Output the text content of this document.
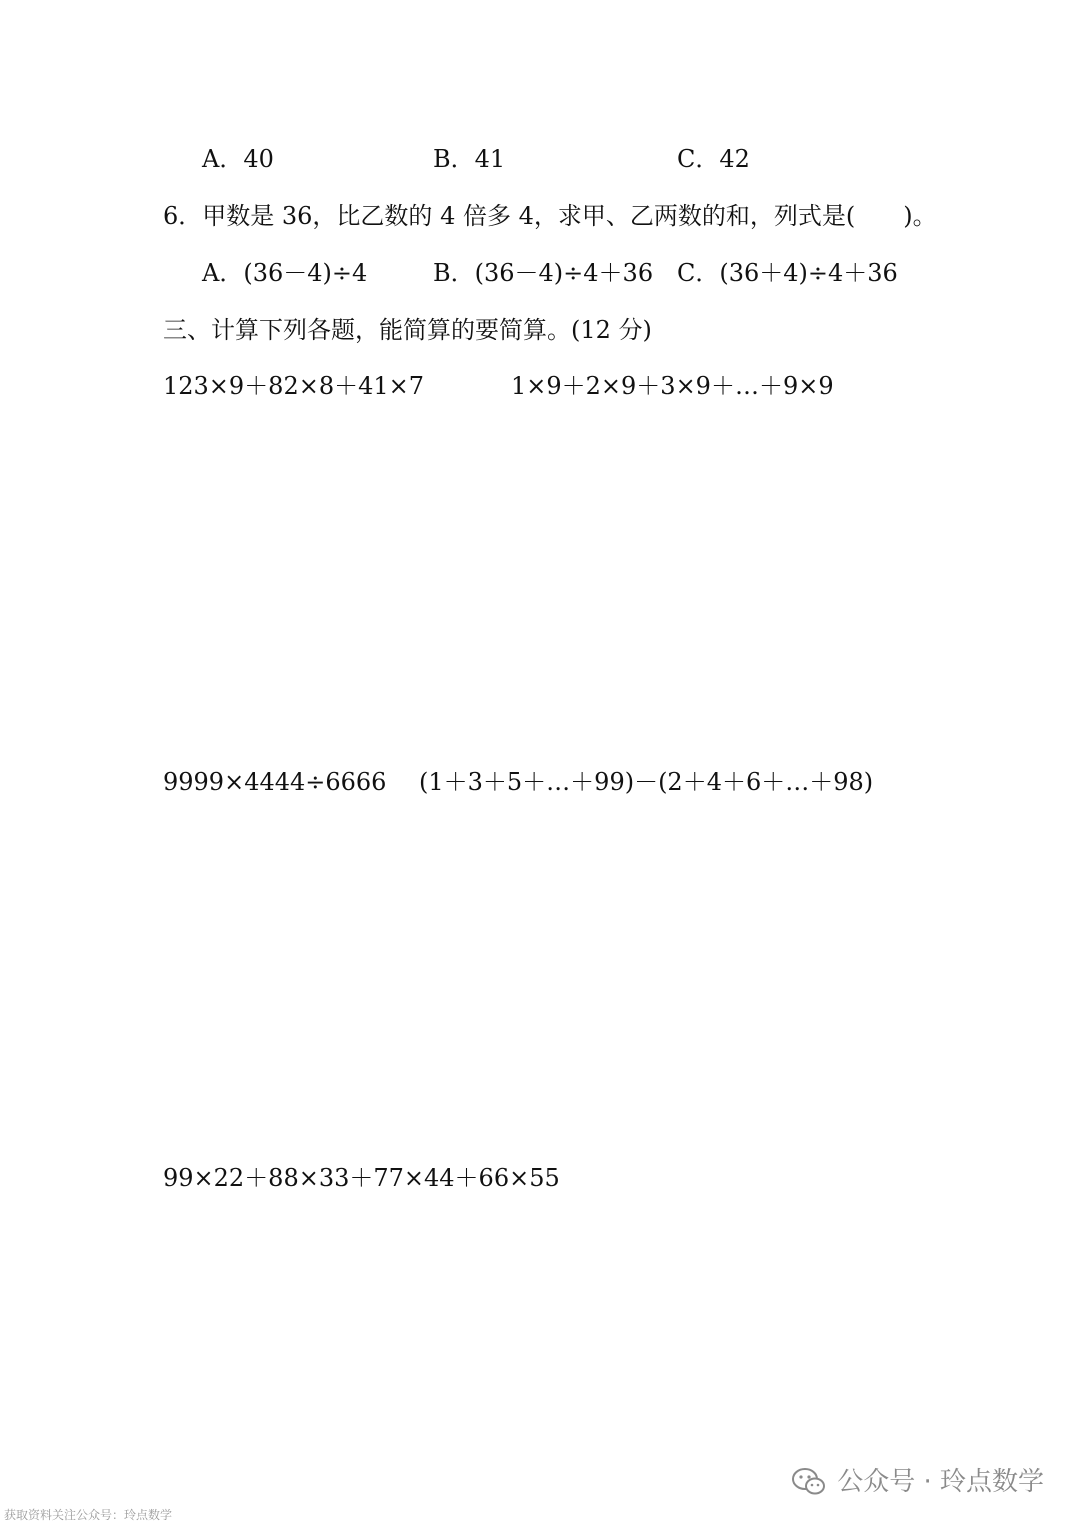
A．40	B．41	C．42
6．甲数是 36，比乙数的 4 倍多 4，求甲、乙两数的和，列式是(　　)。
A．(36－4)÷4	B．(36－4)÷4＋36 C．(36＋4)÷4＋36
三、计算下列各题，能简算的要简算。(12 分)
123×9＋82×8＋41×7	1×9＋2×9＋3×9＋…＋9×9
9999×4444÷6666 (1＋3＋5＋…＋99)－(2＋4＋6＋…＋98)
99×22＋88×33＋77×44＋66×55
公众号 · 玲点数学
获取资料关注公众号：玲点数学
